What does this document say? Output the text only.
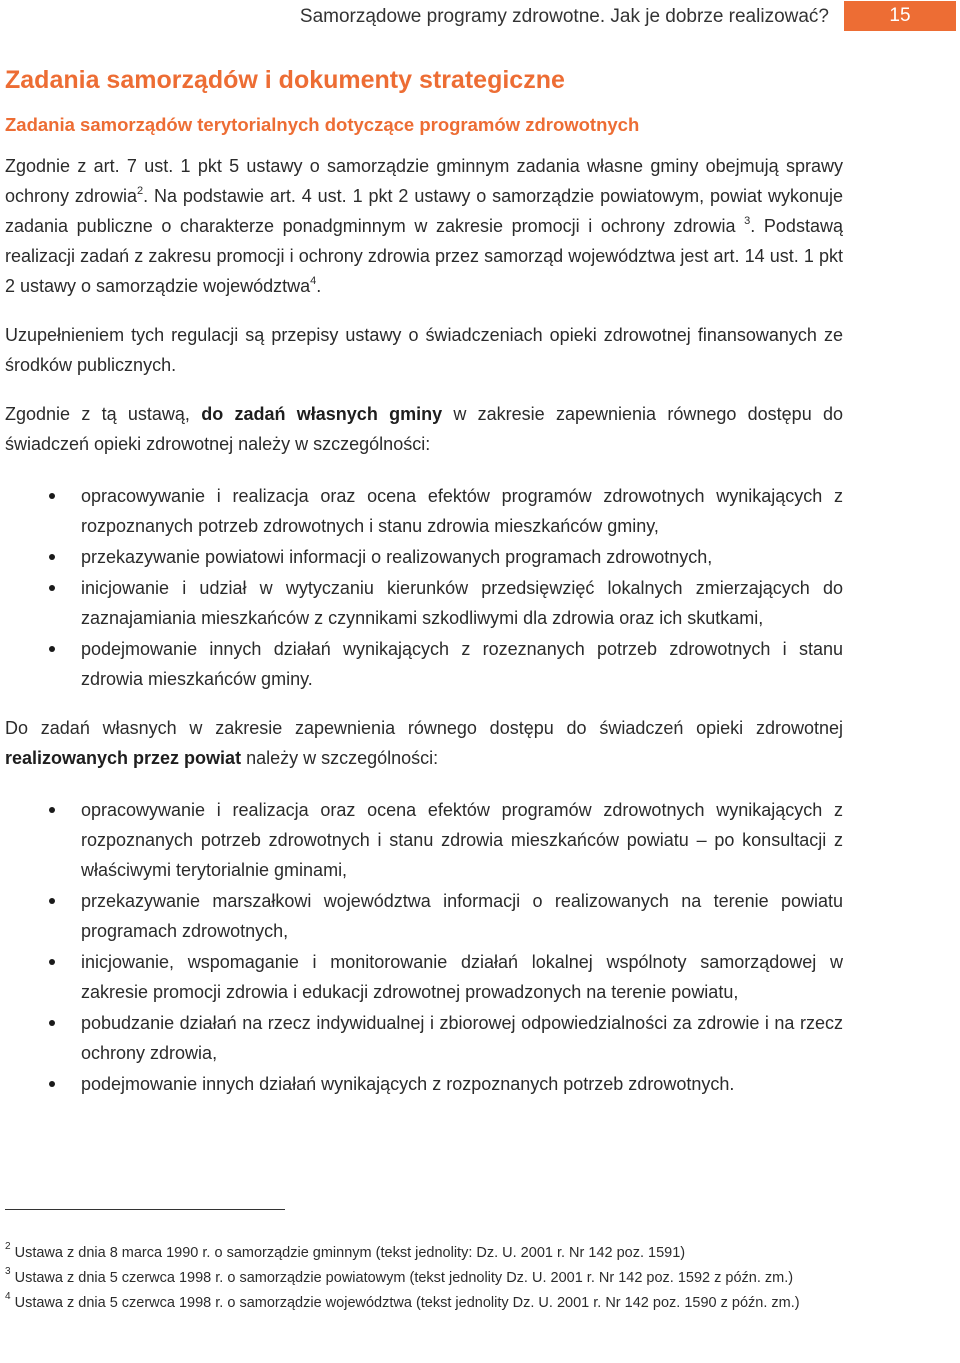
Samorządowe programy zdrowotne. Jak je dobrze realizować?	15
Zadania samorządów i dokumenty strategiczne
Zadania samorządów terytorialnych dotyczące programów zdrowotnych

Zgodnie z art. 7 ust. 1 pkt 5 ustawy o samorządzie gminnym zadania własne gminy obejmują sprawy ochrony zdrowia$^2$. Na podstawie art. 4 ust. 1 pkt 2 ustawy o samorządzie powiatowym, powiat wykonuje zadania publiczne o charakterze ponadgminnym w zakresie promocji i ochrony zdrowia $^3$. Podstawą realizacji zadań z zakresu promocji i ochrony zdrowia przez samorząd województwa jest art. 14 ust. 1 pkt 2 ustawy o samorządzie województwa$^4$.

Uzupełnieniem tych regulacji są przepisy ustawy o świadczeniach opieki zdrowotnej finansowanych ze środków publicznych.

Zgodnie z tą ustawą, do zadań własnych gminy w zakresie zapewnienia równego dostępu do świadczeń opieki zdrowotnej należy w szczególności:

opracowywanie i realizacja oraz ocena efektów programów zdrowotnych wynikających z rozpoznanych potrzeb zdrowotnych i stanu zdrowia mieszkańców gminy,
przekazywanie powiatowi informacji o realizowanych programach zdrowotnych,
inicjowanie i udział w wytyczaniu kierunków przedsięwzięć lokalnych zmierzających do zaznajamiania mieszkańców z czynnikami szkodliwymi dla zdrowia oraz ich skutkami,
podejmowanie innych działań wynikających z rozeznanych potrzeb zdrowotnych i stanu zdrowia mieszkańców gminy.

Do zadań własnych w zakresie zapewnienia równego dostępu do świadczeń opieki zdrowotnej realizowanych przez powiat należy w szczególności:

opracowywanie i realizacja oraz ocena efektów programów zdrowotnych wynikających z rozpoznanych potrzeb zdrowotnych i stanu zdrowia mieszkańców powiatu – po konsultacji z właściwymi terytorialnie gminami,
przekazywanie marszałkowi województwa informacji o realizowanych na terenie powiatu programach zdrowotnych,
inicjowanie, wspomaganie i monitorowanie działań lokalnej wspólnoty samorządowej w zakresie promocji zdrowia i edukacji zdrowotnej prowadzonych na terenie powiatu,
pobudzanie działań na rzecz indywidualnej i zbiorowej odpowiedzialności za zdrowie i na rzecz ochrony zdrowia,
podejmowanie innych działań wynikających z rozpoznanych potrzeb zdrowotnych.

$^2$ Ustawa z dnia 8 marca 1990 r. o samorządzie gminnym (tekst jednolity: Dz. U. 2001 r. Nr 142 poz. 1591)

$^3$ Ustawa z dnia 5 czerwca 1998 r. o samorządzie powiatowym (tekst jednolity Dz. U. 2001 r. Nr 142 poz. 1592 z późn. zm.)

$^4$ Ustawa z dnia 5 czerwca 1998 r. o samorządzie województwa (tekst jednolity Dz. U. 2001 r. Nr 142 poz. 1590 z późn. zm.)
